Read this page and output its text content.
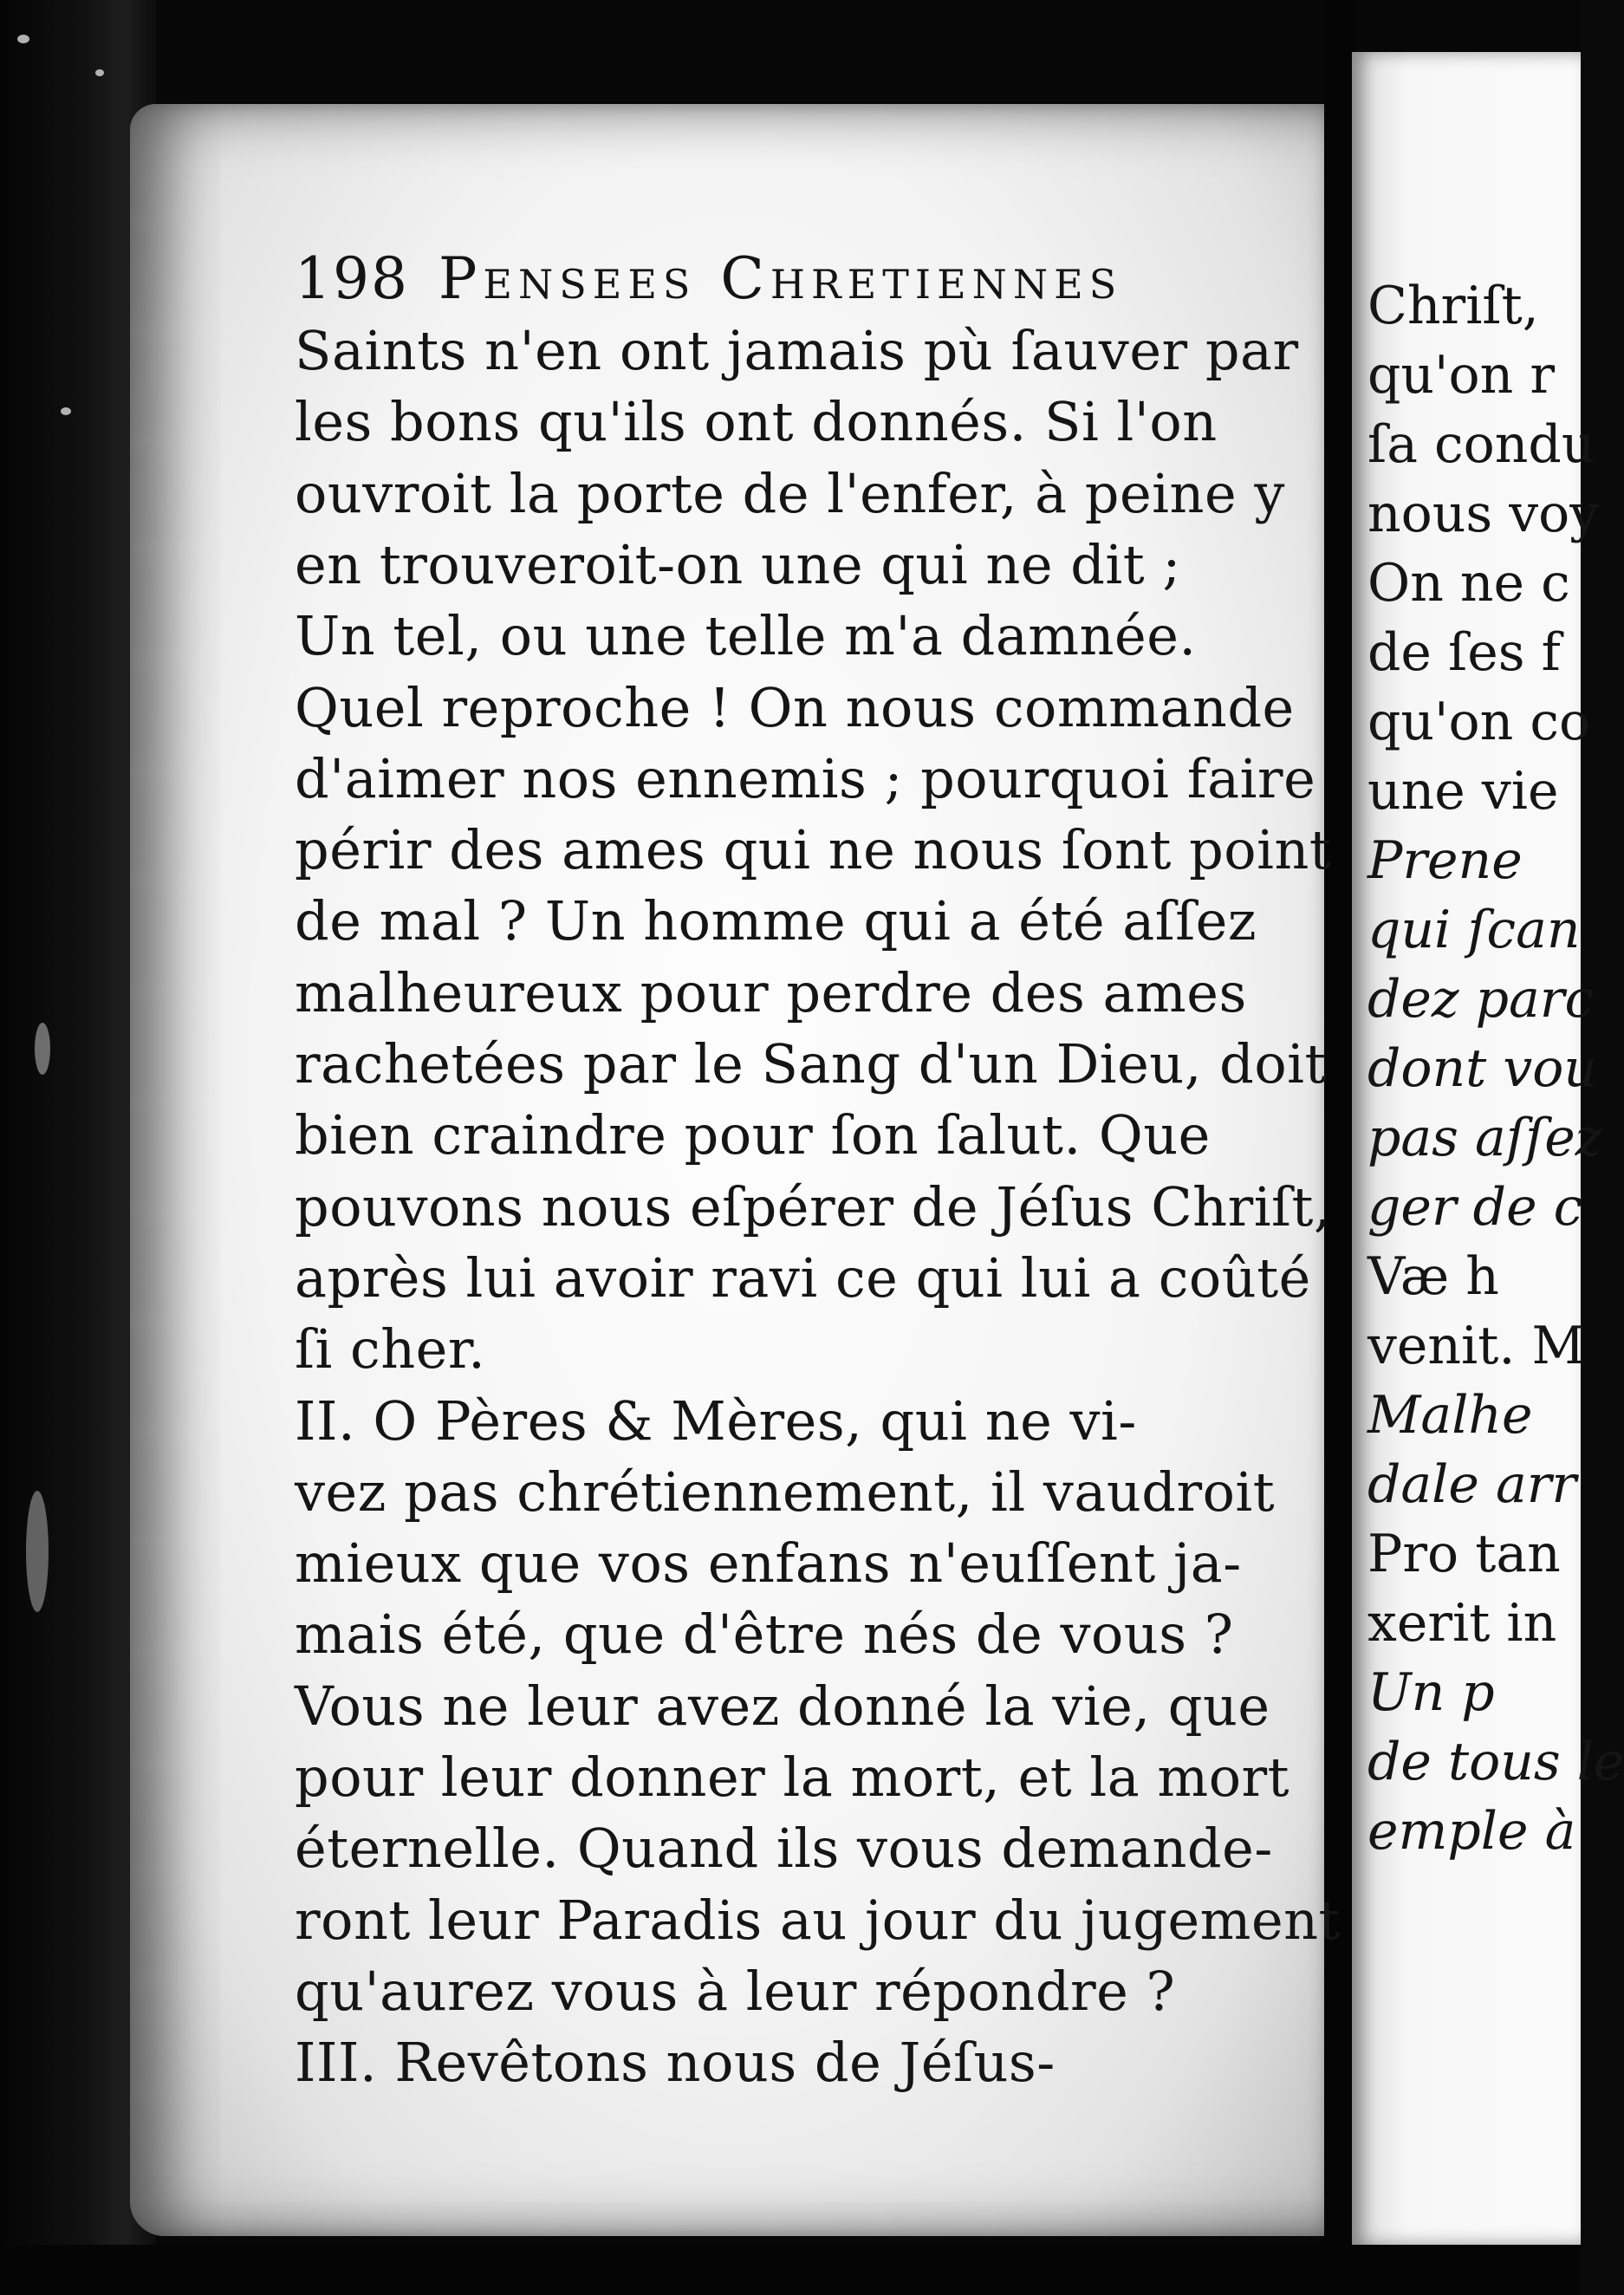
198 Pensees Chretiennes
Saints n'en ont jamais pù ſauver par
les bons qu'ils ont donnés. Si l'on
ouvroit la porte de l'enfer, à peine y
en trouveroit-on une qui ne dit ;
Un tel, ou une telle m'a damnée.
Quel reproche ! On nous commande
d'aimer nos ennemis ; pourquoi faire
périr des ames qui ne nous ſont point
de mal ? Un homme qui a été aſſez
malheureux pour perdre des ames
rachetées par le Sang d'un Dieu, doit
bien craindre pour ſon ſalut. Que
pouvons nous eſpérer de Jéſus Chriſt,
après lui avoir ravi ce qui lui a coûté
ſi cher.
II. O Pères & Mères, qui ne vi-
vez pas chrétiennement, il vaudroit
mieux que vos enfans n'euſſent ja-
mais été, que d'être nés de vous ?
Vous ne leur avez donné la vie, que
pour leur donner la mort, et la mort
éternelle. Quand ils vous demande-
ront leur Paradis au jour du jugement
qu'aurez vous à leur répondre ?
III. Revêtons nous de Jéſus-
Chriſt,
qu'on r
ſa condu
nous voy
On ne c
de ſes f
qu'on co
une vie
Prene
qui ſcan
dez parc
dont vou
pas aſſez
ger de c
Væ h
venit. M
Malhe
dale arr
Pro tan
xerit in
Un p
de tous le
emple à
